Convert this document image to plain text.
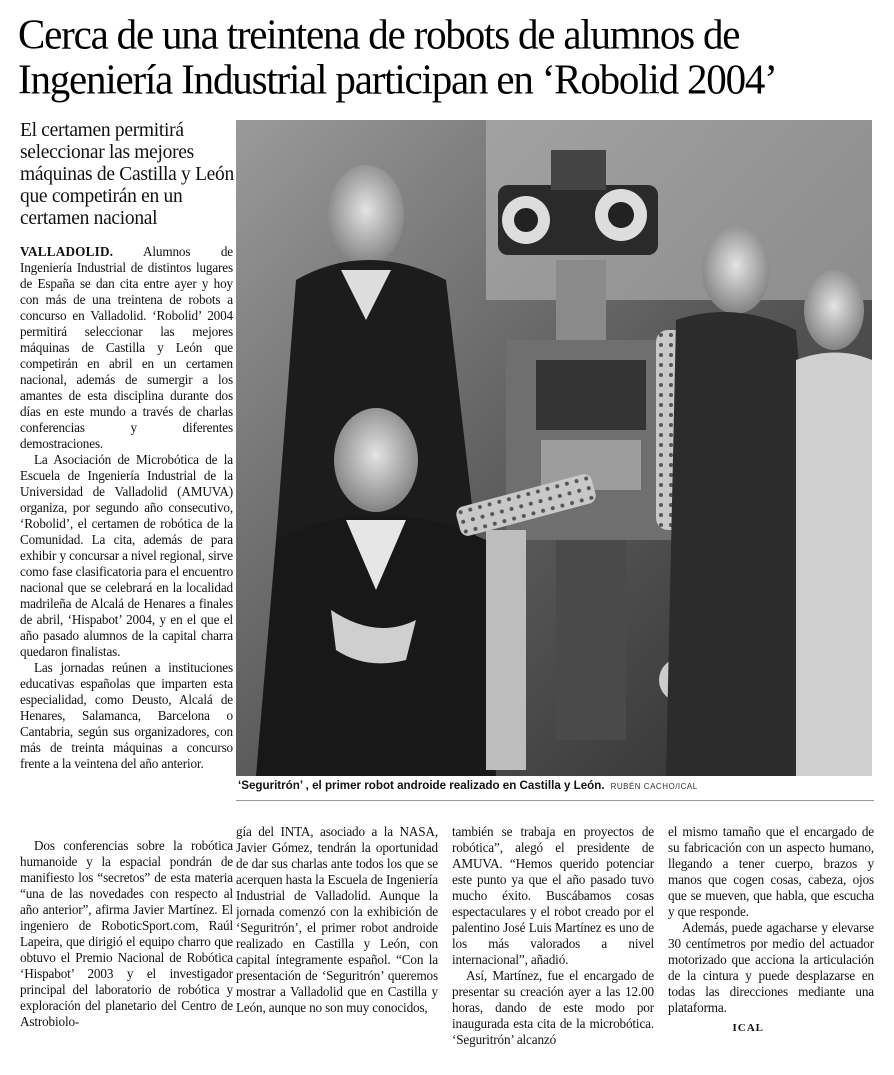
Cerca de una treintena de robots de alumnos de Ingeniería Industrial participan en ‘Robolid 2004’
El certamen permitirá seleccionar las mejores máquinas de Castilla y León que competirán en un certamen nacional

VALLADOLID. Alumnos de Ingeniería Industrial de distintos lugares de España se dan cita entre ayer y hoy con más de una treintena de robots a concurso en Valladolid. ‘Robolid’ 2004 permitirá seleccionar las mejores máquinas de Castilla y León que competirán en abril en un certamen nacional, además de sumergir a los amantes de esta disciplina durante dos días en este mundo a través de charlas conferencias y diferentes demostraciones.

La Asociación de Microbótica de la Escuela de Ingeniería Industrial de la Universidad de Valladolid (AMUVA) organiza, por segundo año consecutivo, ‘Robolid’, el certamen de robótica de la Comunidad. La cita, además de para exhibir y concursar a nivel regional, sirve como fase clasificatoria para el encuentro nacional que se celebrará en la localidad madrileña de Alcalá de Henares a finales de abril, ‘Hispabot’ 2004, y en el que el año pasado alumnos de la capital charra quedaron finalistas.

Las jornadas reúnen a instituciones educativas españolas que imparten esta especialidad, como Deusto, Alcalá de Henares, Salamanca, Barcelona o Cantabria, según sus organizadores, con más de treinta máquinas a concurso frente a la veintena del año anterior.

Dos conferencias sobre la robótica humanoide y la espacial pondrán de manifiesto los “secretos” de esta materia “una de las novedades con respecto al año anterior”, afirma Javier Martínez. El ingeniero de RoboticSport.com, Raúl Lapeira, que dirigió el equipo charro que obtuvo el Premio Nacional de Robótica ‘Hispabot’ 2003 y el investigador principal del laboratorio de robótica y exploración del planetario del Centro de Astrobiolo-

gía del INTA, asociado a la NASA, Javier Gómez, tendrán la oportunidad de dar sus charlas ante todos los que se acerquen hasta la Escuela de Ingeniería Industrial de Valladolid. Aunque la jornada comenzó con la exhibición de ‘Seguritrón’, el primer robot androide realizado en Castilla y León, con capital íntegramente español. “Con la presentación de ‘Seguritrón’ queremos mostrar a Valladolid que en Castilla y León, aunque no son muy conocidos,

también se trabaja en proyectos de robótica”, alegó el presidente de AMUVA. “Hemos querido potenciar este punto ya que el año pasado tuvo mucho éxito. Buscábamos cosas espectaculares y el robot creado por el palentino José Luis Martínez es uno de los más valorados a nivel internacional”, añadió.

Así, Martínez, fue el encargado de presentar su creación ayer a las 12.00 horas, dando de este modo por inaugurada esta cita de la microbótica. ‘Seguritrón’ alcanzó

el mismo tamaño que el encargado de su fabricación con un aspecto humano, llegando a tener cuerpo, brazos y manos que cogen cosas, cabeza, ojos que se mueven, que habla, que escucha y que responde.

Además, puede agacharse y elevarse 30 centímetros por medio del actuador motorizado que acciona la articulación de la cintura y puede desplazarse en todas las direcciones mediante una plataforma.

ICAL
‘Seguritrón’ , el primer robot androide realizado en Castilla y León. RUBÉN CACHO/ICAL
